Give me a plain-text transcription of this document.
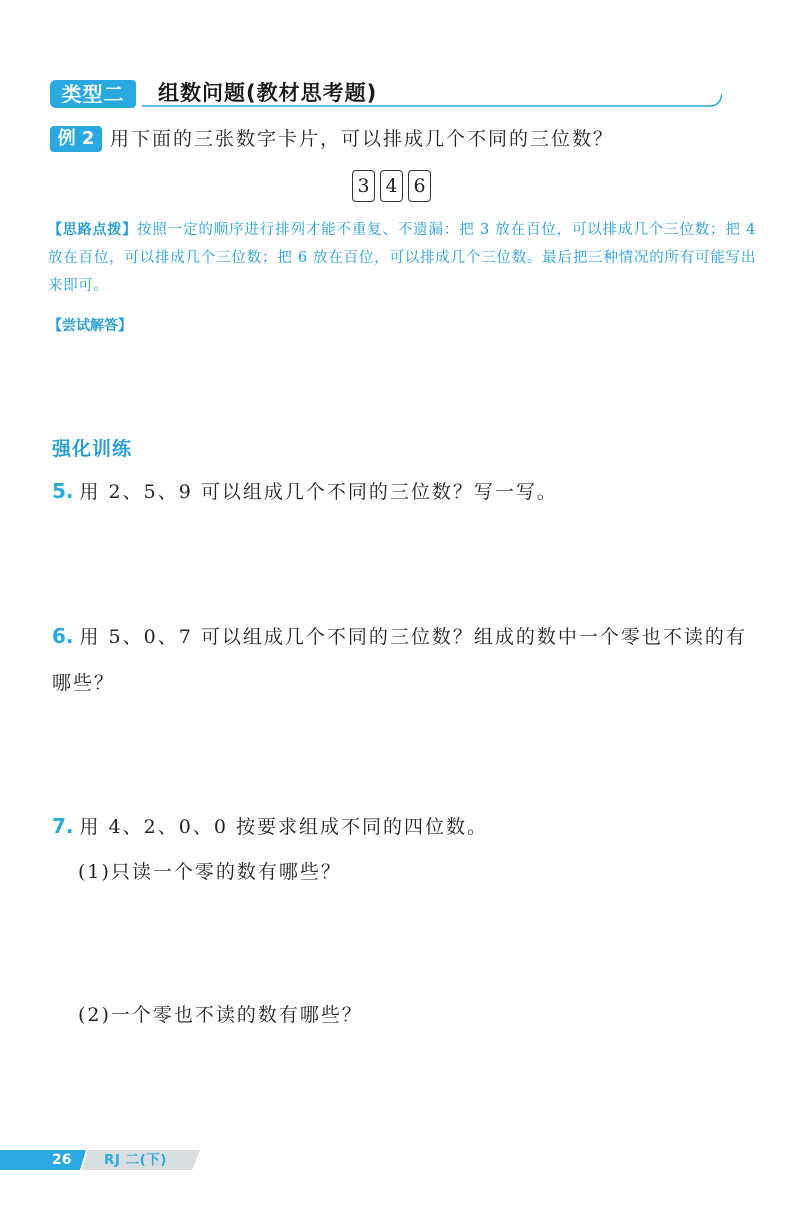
类型二	组数问题(教材思考题)
例 2 用下面的三张数字卡片，可以排成几个不同的三位数？
3 4 6
【思路点拨】按照一定的顺序进行排列才能不重复、不遗漏：把 3 放在百位，可以排成几个三位数；把 4 放在百位，可以排成几个三位数；把 6 放在百位，可以排成几个三位数。最后把三种情况的所有可能写出来即可。
【尝试解答】
强化训练
5. 用 2、5、9 可以组成几个不同的三位数？写一写。
6. 用 5、0、7 可以组成几个不同的三位数？组成的数中一个零也不读的有哪些？
7. 用 4、2、0、0 按要求组成不同的四位数。
(1)只读一个零的数有哪些？
(2)一个零也不读的数有哪些？
26 RJ 二(下)
